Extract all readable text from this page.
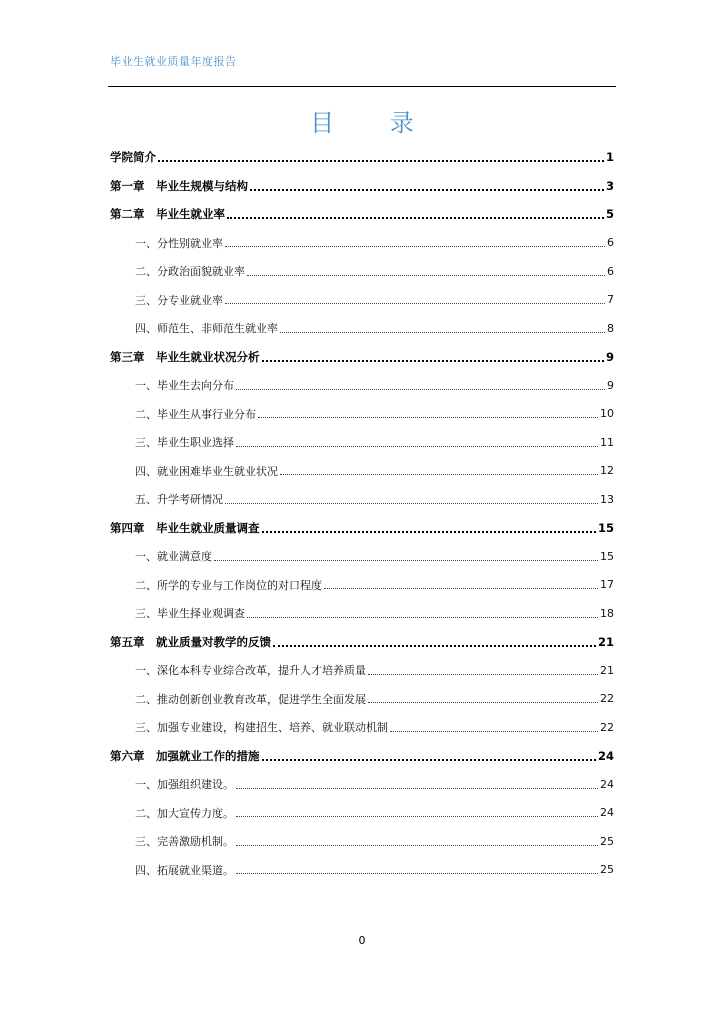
毕业生就业质量年度报告
目 录
学院简介	1
第一章　毕业生规模与结构	3
第二章　毕业生就业率	5
一、分性别就业率	6
二、分政治面貌就业率	6
三、分专业就业率	7
四、师范生、非师范生就业率	8
第三章　毕业生就业状况分析	9
一、毕业生去向分布	9
二、毕业生从事行业分布	10
三、毕业生职业选择	11
四、就业困难毕业生就业状况	12
五、升学考研情况	13
第四章　毕业生就业质量调查	15
一、就业满意度	15
二、所学的专业与工作岗位的对口程度	17
三、毕业生择业观调查	18
第五章　就业质量对教学的反馈	21
一、深化本科专业综合改革，提升人才培养质量	21
二、推动创新创业教育改革，促进学生全面发展	22
三、加强专业建设，构建招生、培养、就业联动机制	22
第六章　加强就业工作的措施	24
一、加强组织建设。	24
二、加大宣传力度。	24
三、完善激励机制。	25
四、拓展就业渠道。	25
0
